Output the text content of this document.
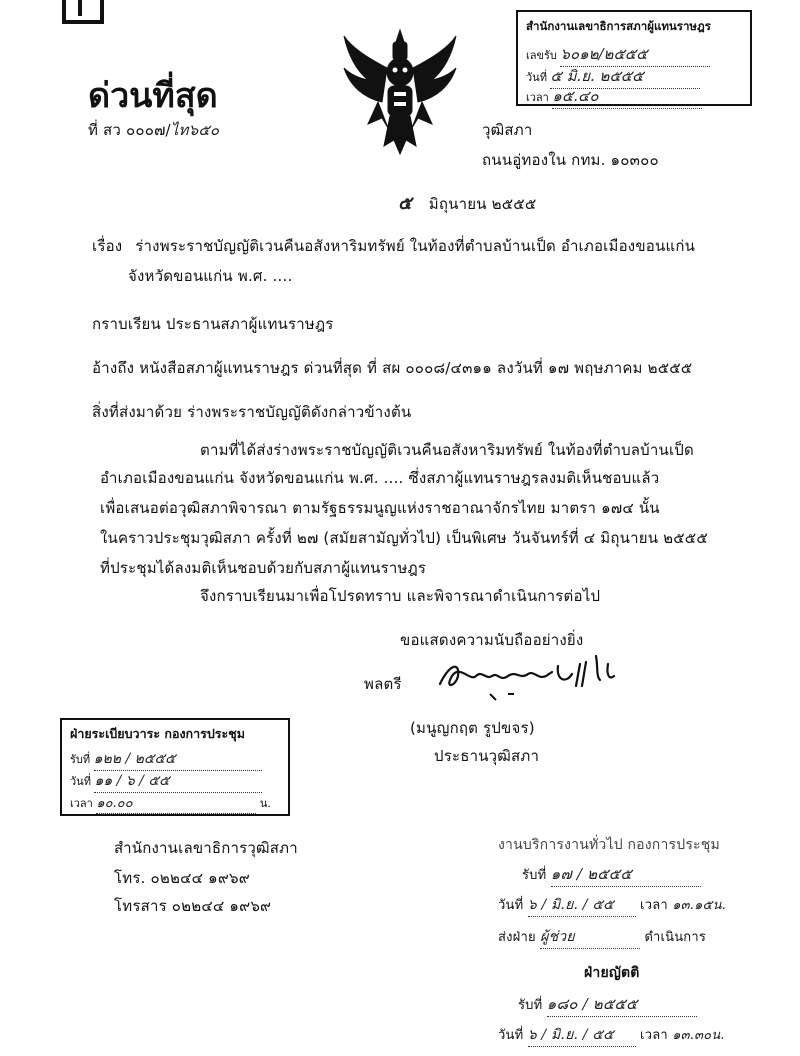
ด่วนที่สุด
ที่ สว ๐๐๐๗/ไท๖๕๐	วุฒิสภา
ถนนอู่ทองใน กทม. ๑๐๓๐๐
๕ มิถุนายน ๒๕๕๕
สำนักงานเลขาธิการสภาผู้แทนราษฎร
เลขรับ ๖๐๑๒/๒๕๕๕
วันที่ ๕ มิ.ย. ๒๕๕๕
เวลา ๑๕.๔๐
เรื่อง ร่างพระราชบัญญัติเวนคืนอสังหาริมทรัพย์ ในท้องที่ตำบลบ้านเป็ด อำเภอเมืองขอนแก่น
จังหวัดขอนแก่น พ.ศ. ....
กราบเรียน ประธานสภาผู้แทนราษฎร
อ้างถึง หนังสือสภาผู้แทนราษฎร ด่วนที่สุด ที่ สผ ๐๐๐๘/๔๓๑๑ ลงวันที่ ๑๗ พฤษภาคม ๒๕๕๕
สิ่งที่ส่งมาด้วย ร่างพระราชบัญญัติดังกล่าวข้างต้น
ตามที่ได้ส่งร่างพระราชบัญญัติเวนคืนอสังหาริมทรัพย์ ในท้องที่ตำบลบ้านเป็ด
อำเภอเมืองขอนแก่น จังหวัดขอนแก่น พ.ศ. .... ซึ่งสภาผู้แทนราษฎรลงมติเห็นชอบแล้ว
เพื่อเสนอต่อวุฒิสภาพิจารณา ตามรัฐธรรมนูญแห่งราชอาณาจักรไทย มาตรา ๑๗๔ นั้น
ในคราวประชุมวุฒิสภา ครั้งที่ ๒๗ (สมัยสามัญทั่วไป) เป็นพิเศษ วันจันทร์ที่ ๔ มิถุนายน ๒๕๕๕
ที่ประชุมได้ลงมติเห็นชอบด้วยกับสภาผู้แทนราษฎร
จึงกราบเรียนมาเพื่อโปรดทราบ และพิจารณาดำเนินการต่อไป
ขอแสดงความนับถืออย่างยิ่ง
พลตรี
(มนูญกฤต รูปขจร)
ประธานวุฒิสภา
ฝ่ายระเบียบวาระ กองการประชุม
รับที่ ๑๒๒ / ๒๕๕๕
วันที่ ๑๑ / ๖ / ๕๕
เวลา ๑๐.๐๐	น.
สำนักงานเลขาธิการวุฒิสภา
โทร. ๐๒๒๔๔ ๑๙๖๙
โทรสาร ๐๒๒๔๔ ๑๙๖๙
งานบริการงานทั่วไป กองการประชุม
รับที่ ๑๗ / ๒๕๕๕
วันที่ ๖ / มิ.ย. / ๕๕ เวลา ๑๓.๑๕น.
ส่งฝ่าย ผู้ช่วย	ดำเนินการ
ฝ่ายญัตติ
รับที่ ๑๘๐ / ๒๕๕๕
วันที่ ๖ / มิ.ย. / ๕๕ เวลา ๑๓.๓๐น.
